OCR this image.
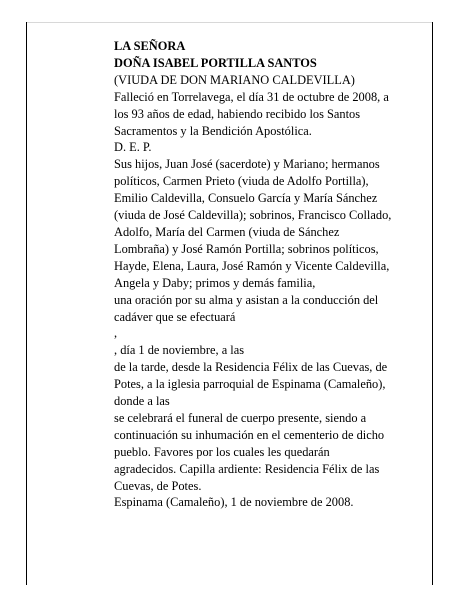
LA SEÑORA
DOÑA ISABEL PORTILLA SANTOS
(VIUDA DE DON MARIANO CALDEVILLA)
Falleció en Torrelavega, el día 31 de octubre de 2008, a
los 93 años de edad, habiendo recibido los Santos
Sacramentos y la Bendición Apostólica.
D. E. P.
Sus hijos, Juan José (sacerdote) y Mariano; hermanos
políticos, Carmen Prieto (viuda de Adolfo Portilla),
Emilio Caldevilla, Consuelo García y María Sánchez
(viuda de José Caldevilla); sobrinos, Francisco Collado,
Adolfo, María del Carmen (viuda de Sánchez
Lombraña) y José Ramón Portilla; sobrinos políticos,
Hayde, Elena, Laura, José Ramón y Vicente Caldevilla,
Angela y Daby; primos y demás familia,
una oración por su alma y asistan a la conducción del
cadáver que se efectuará
,
, día 1 de noviembre, a las
de la tarde, desde la Residencia Félix de las Cuevas, de
Potes, a la iglesia parroquial de Espinama (Camaleño),
donde a las
se celebrará el funeral de cuerpo presente, siendo a
continuación su inhumación en el cementerio de dicho
pueblo. Favores por los cuales les quedarán
agradecidos. Capilla ardiente: Residencia Félix de las
Cuevas, de Potes.
Espinama (Camaleño), 1 de noviembre de 2008.
